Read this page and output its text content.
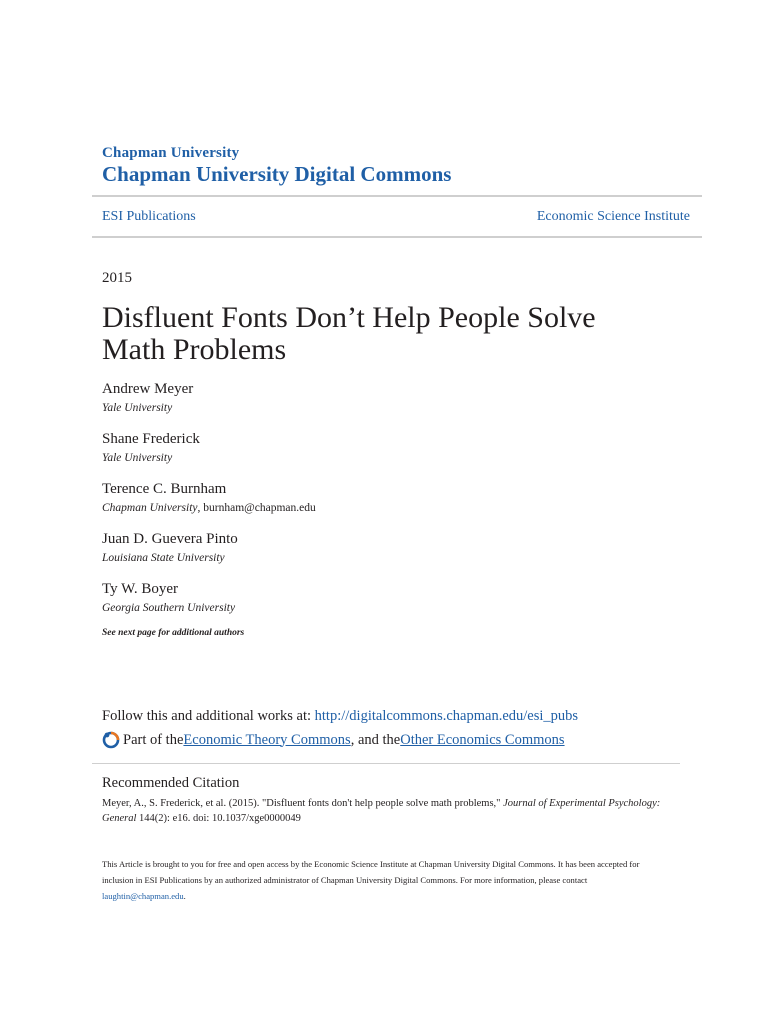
Chapman University
Chapman University Digital Commons
ESI Publications	Economic Science Institute
2015
Disfluent Fonts Don’t Help People Solve Math Problems
Andrew Meyer
Yale University
Shane Frederick
Yale University
Terence C. Burnham
Chapman University, burnham@chapman.edu
Juan D. Guevera Pinto
Louisiana State University
Ty W. Boyer
Georgia Southern University
See next page for additional authors
Follow this and additional works at: http://digitalcommons.chapman.edu/esi_pubs
Part of the Economic Theory Commons , and the Other Economics Commons
Recommended Citation
Meyer, A., S. Frederick, et al. (2015). "Disfluent fonts don't help people solve math problems," Journal of Experimental Psychology: General 144(2): e16. doi: 10.1037/xge0000049
This Article is brought to you for free and open access by the Economic Science Institute at Chapman University Digital Commons. It has been accepted for inclusion in ESI Publications by an authorized administrator of Chapman University Digital Commons. For more information, please contact laughtin@chapman.edu.
